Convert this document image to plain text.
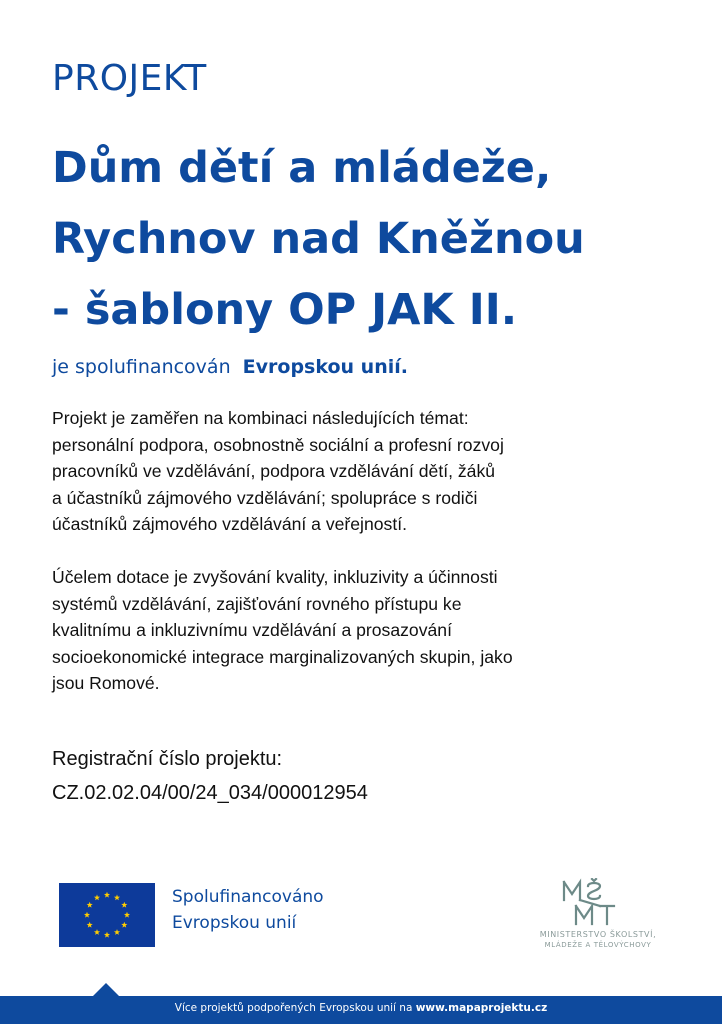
PROJEKT
Dům dětí a mládeže,
Rychnov nad Kněžnou
- šablony OP JAK II.
je spolufinancován Evropskou unií.
Projekt je zaměřen na kombinaci následujících témat:
personální podpora, osobnostně sociální a profesní rozvoj
pracovníků ve vzdělávání, podpora vzdělávání dětí, žáků
a účastníků zájmového vzdělávání; spolupráce s rodiči
účastníků zájmového vzdělávání a veřejností.
Účelem dotace je zvyšování kvality, inkluzivity a účinnosti
systémů vzdělávání, zajišťování rovného přístupu ke
kvalitnímu a inkluzivnímu vzdělávání a prosazování
socioekonomické integrace marginalizovaných skupin, jako
jsou Romové.
Registrační číslo projektu:
CZ.02.02.04/00/24_034/000012954
Spolufinancováno
Evropskou unií
MINISTERSTVO ŠKOLSTVÍ,
MLÁDEŽE A TĚLOVÝCHOVY
Více projektů podpořených Evropskou unií na www.mapaprojektu.cz
